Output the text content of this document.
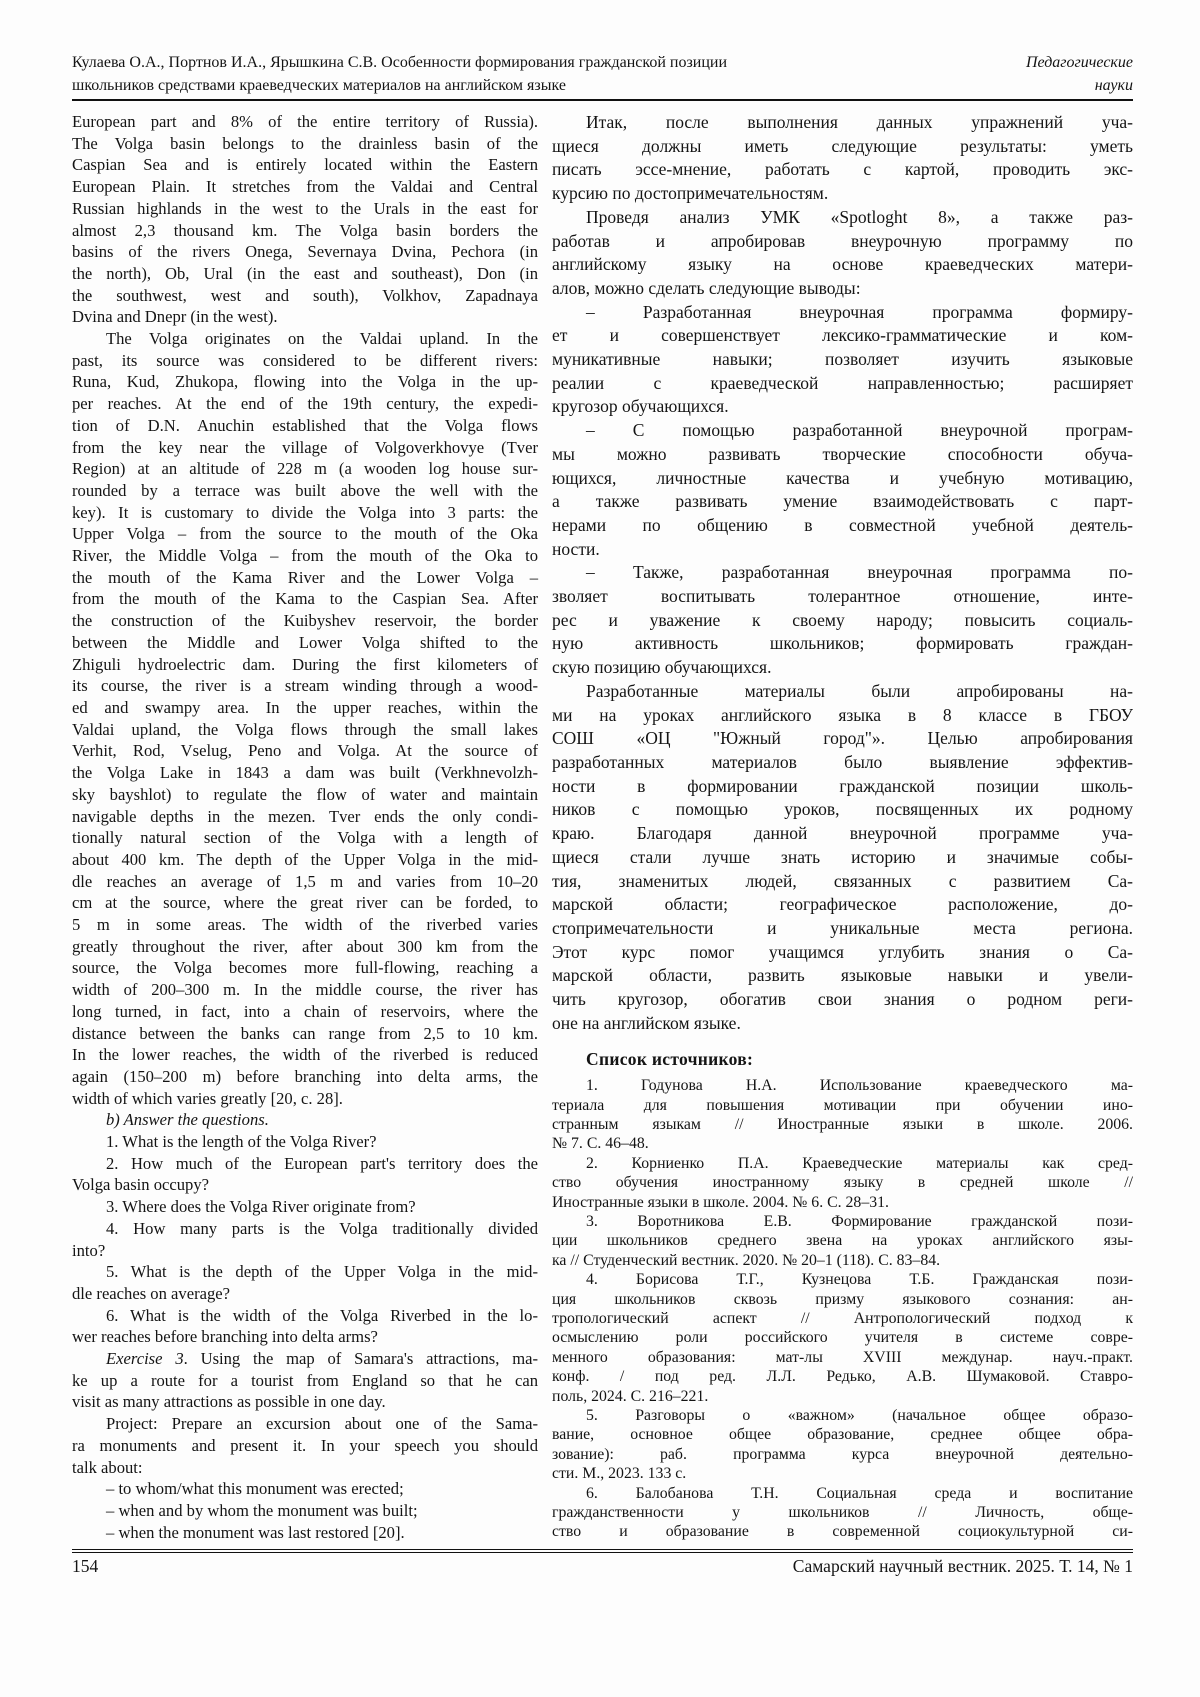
Кулаева О.А., Портнов И.А., Ярышкина С.В. Особенности формирования гражданской позиции
школьников средствами краеведческих материалов на английском языке
Педагогические
науки
European part and 8% of the entire territory of Russia).
The Volga basin belongs to the drainless basin of the
Caspian Sea and is entirely located within the Eastern
European Plain. It stretches from the Valdai and Central
Russian highlands in the west to the Urals in the east for
almost 2,3 thousand km. The Volga basin borders the
basins of the rivers Onega, Severnaya Dvina, Pechora (in
the north), Ob, Ural (in the east and southeast), Don (in
the southwest, west and south), Volkhov, Zapadnaya
Dvina and Dnepr (in the west).
The Volga originates on the Valdai upland. In the
past, its source was considered to be different rivers:
Runa, Kud, Zhukopa, flowing into the Volga in the up-
per reaches. At the end of the 19th century, the expedi-
tion of D.N. Anuchin established that the Volga flows
from the key near the village of Volgoverkhovye (Tver
Region) at an altitude of 228 m (a wooden log house sur-
rounded by a terrace was built above the well with the
key). It is customary to divide the Volga into 3 parts: the
Upper Volga – from the source to the mouth of the Oka
River, the Middle Volga – from the mouth of the Oka to
the mouth of the Kama River and the Lower Volga –
from the mouth of the Kama to the Caspian Sea. After
the construction of the Kuibyshev reservoir, the border
between the Middle and Lower Volga shifted to the
Zhiguli hydroelectric dam. During the first kilometers of
its course, the river is a stream winding through a wood-
ed and swampy area. In the upper reaches, within the
Valdai upland, the Volga flows through the small lakes
Verhit, Rod, Vselug, Peno and Volga. At the source of
the Volga Lake in 1843 a dam was built (Verkhnevolzh-
sky bayshlot) to regulate the flow of water and maintain
navigable depths in the mezen. Tver ends the only condi-
tionally natural section of the Volga with a length of
about 400 km. The depth of the Upper Volga in the mid-
dle reaches an average of 1,5 m and varies from 10–20
cm at the source, where the great river can be forded, to
5 m in some areas. The width of the riverbed varies
greatly throughout the river, after about 300 km from the
source, the Volga becomes more full-flowing, reaching a
width of 200–300 m. In the middle course, the river has
long turned, in fact, into a chain of reservoirs, where the
distance between the banks can range from 2,5 to 10 km.
In the lower reaches, the width of the riverbed is reduced
again (150–200 m) before branching into delta arms, the
width of which varies greatly [20, c. 28].
b) Answer the questions.
1. What is the length of the Volga River?
2. How much of the European part's territory does the
Volga basin occupy?
3. Where does the Volga River originate from?
4. How many parts is the Volga traditionally divided
into?
5. What is the depth of the Upper Volga in the mid-
dle reaches on average?
6. What is the width of the Volga Riverbed in the lo-
wer reaches before branching into delta arms?
Exercise 3. Using the map of Samara's attractions, ma-
ke up a route for a tourist from England so that he can
visit as many attractions as possible in one day.
Project: Prepare an excursion about one of the Sama-
ra monuments and present it. In your speech you should
talk about:
– to whom/what this monument was erected;
– when and by whom the monument was built;
– when the monument was last restored [20].
Итак, после выполнения данных упражнений уча-
щиеся должны иметь следующие результаты: уметь
писать эссе-мнение, работать с картой, проводить экс-
курсию по достопримечательностям.
Проведя анализ УМК «Spotloght 8», а также раз-
работав и апробировав внеурочную программу по
английскому языку на основе краеведческих матери-
алов, можно сделать следующие выводы:
– Разработанная внеурочная программа формиру-
ет и совершенствует лексико-грамматические и ком-
муникативные навыки; позволяет изучить языковые
реалии с краеведческой направленностью; расширяет
кругозор обучающихся.
– С помощью разработанной внеурочной програм-
мы можно развивать творческие способности обуча-
ющихся, личностные качества и учебную мотивацию,
а также развивать умение взаимодействовать с парт-
нерами по общению в совместной учебной деятель-
ности.
– Также, разработанная внеурочная программа по-
зволяет воспитывать толерантное отношение, инте-
рес и уважение к своему народу; повысить социаль-
ную активность школьников; формировать граждан-
скую позицию обучающихся.
Разработанные материалы были апробированы на-
ми на уроках английского языка в 8 классе в ГБОУ
СОШ «ОЦ "Южный город"». Целью апробирования
разработанных материалов было выявление эффектив-
ности в формировании гражданской позиции школь-
ников с помощью уроков, посвященных их родному
краю. Благодаря данной внеурочной программе уча-
щиеся стали лучше знать историю и значимые собы-
тия, знаменитых людей, связанных с развитием Са-
марской области; географическое расположение, до-
стопримечательности и уникальные места региона.
Этот курс помог учащимся углубить знания о Са-
марской области, развить языковые навыки и увели-
чить кругозор, обогатив свои знания о родном реги-
оне на английском языке.
Список источников:
1. Годунова Н.А. Использование краеведческого ма-
териала для повышения мотивации при обучении ино-
странным языкам // Иностранные языки в школе. 2006.
№ 7. С. 46–48.
2. Корниенко П.А. Краеведческие материалы как сред-
ство обучения иностранному языку в средней школе //
Иностранные языки в школе. 2004. № 6. С. 28–31.
3. Воротникова Е.В. Формирование гражданской пози-
ции школьников среднего звена на уроках английского язы-
ка // Студенческий вестник. 2020. № 20–1 (118). С. 83–84.
4. Борисова Т.Г., Кузнецова Т.Б. Гражданская пози-
ция школьников сквозь призму языкового сознания: ан-
тропологический аспект // Антропологический подход к
осмыслению роли российского учителя в системе совре-
менного образования: мат-лы XVIII междунар. науч.-практ.
конф. / под ред. Л.Л. Редько, А.В. Шумаковой. Ставро-
поль, 2024. С. 216–221.
5. Разговоры о «важном» (начальное общее образо-
вание, основное общее образование, среднее общее обра-
зование): раб. программа курса внеурочной деятельно-
сти. М., 2023. 133 с.
6. Балобанова Т.Н. Социальная среда и воспитание
гражданственности у школьников // Личность, обще-
ство и образование в современной социокультурной си-
154	Самарский научный вестник. 2025. Т. 14, № 1
